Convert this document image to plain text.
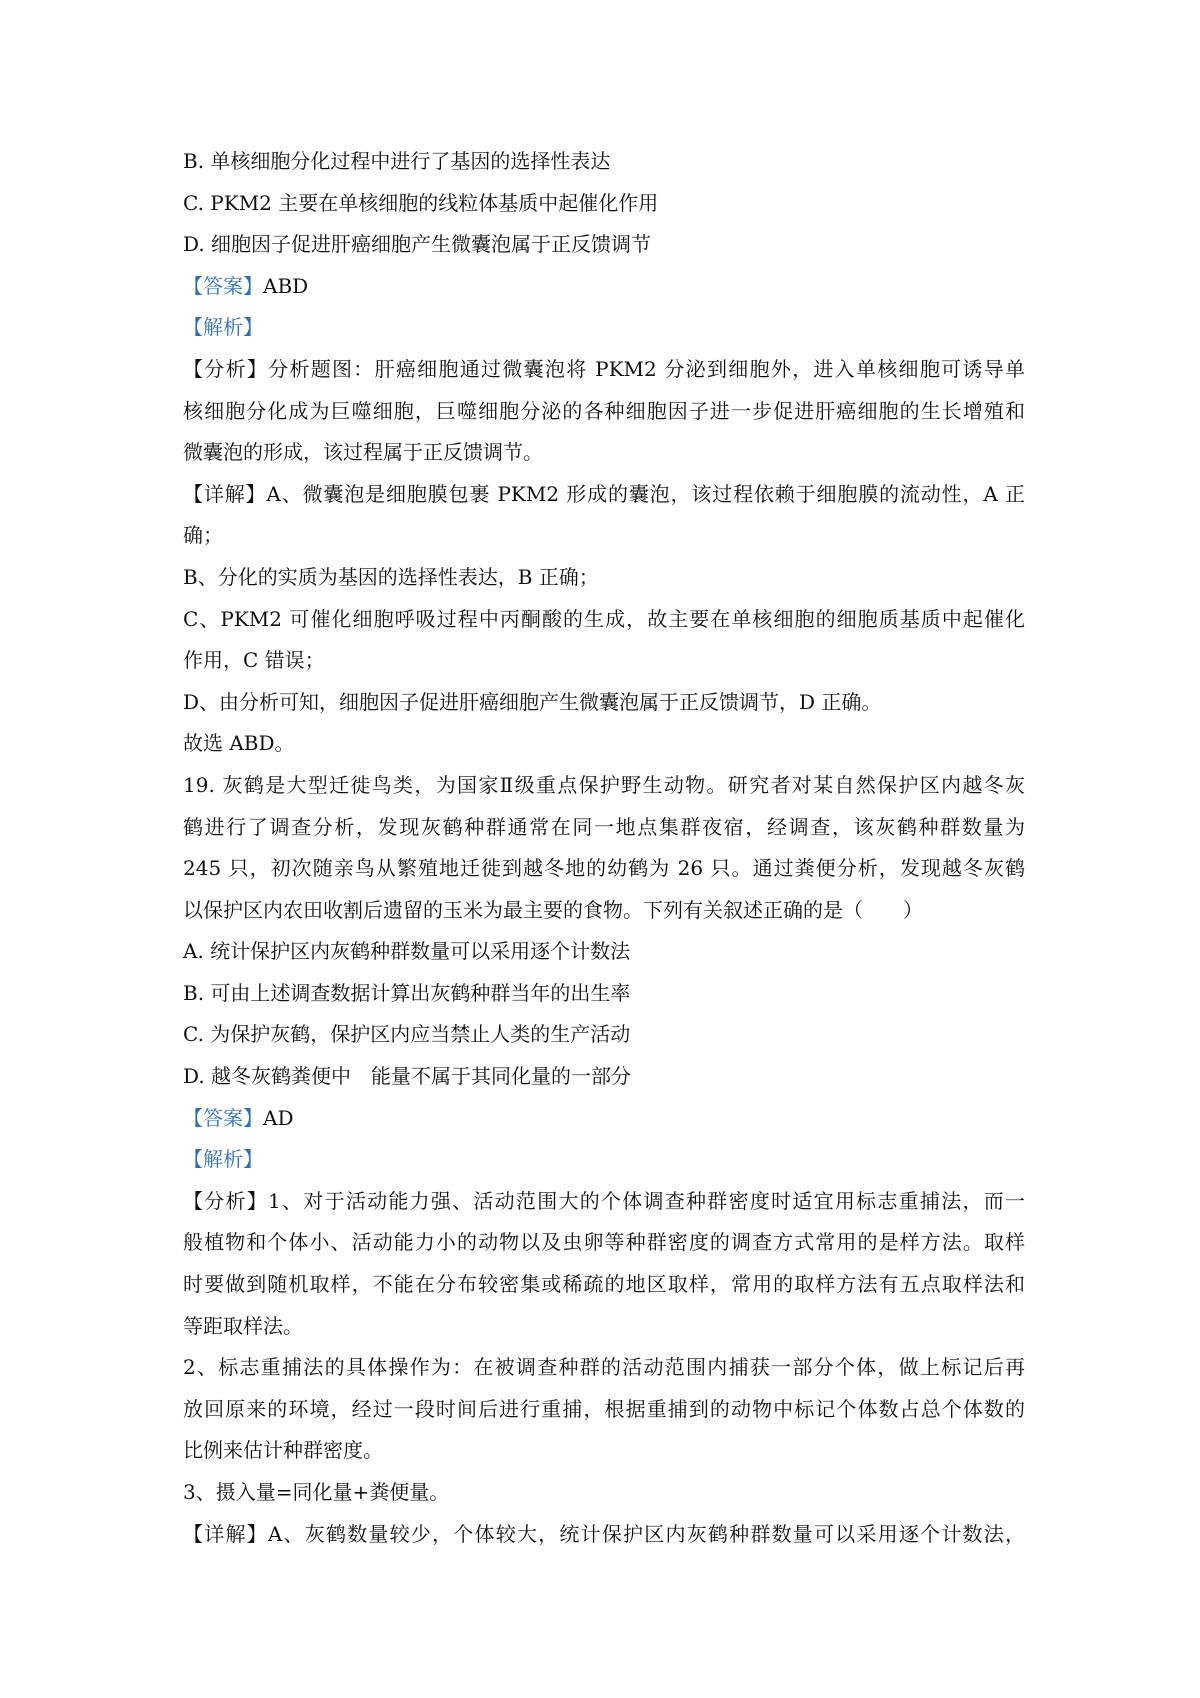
B. 单核细胞分化过程中进行了基因的选择性表达
C. PKM2 主要在单核细胞的线粒体基质中起催化作用
D. 细胞因子促进肝癌细胞产生微囊泡属于正反馈调节
【答案】ABD
【解析】
【分析】分析题图：肝癌细胞通过微囊泡将 PKM2 分泌到细胞外，进入单核细胞可诱导单
核细胞分化成为巨噬细胞，巨噬细胞分泌的各种细胞因子进一步促进肝癌细胞的生长增殖和
微囊泡的形成，该过程属于正反馈调节。
【详解】A、微囊泡是细胞膜包裹 PKM2 形成的囊泡，该过程依赖于细胞膜的流动性，A 正
确；
B、分化的实质为基因的选择性表达，B 正确；
C、PKM2 可催化细胞呼吸过程中丙酮酸的生成，故主要在单核细胞的细胞质基质中起催化
作用，C 错误；
D、由分析可知，细胞因子促进肝癌细胞产生微囊泡属于正反馈调节，D 正确。
故选 ABD。
19. 灰鹤是大型迁徙鸟类，为国家Ⅱ级重点保护野生动物。研究者对某自然保护区内越冬灰
鹤进行了调查分析，发现灰鹤种群通常在同一地点集群夜宿，经调查，该灰鹤种群数量为
245 只，初次随亲鸟从繁殖地迁徙到越冬地的幼鹤为 26 只。通过粪便分析，发现越冬灰鹤
以保护区内农田收割后遗留的玉米为最主要的食物。下列有关叙述正确的是（　　）
A. 统计保护区内灰鹤种群数量可以采用逐个计数法
B. 可由上述调查数据计算出灰鹤种群当年的出生率
C. 为保护灰鹤，保护区内应当禁止人类的生产活动
D. 越冬灰鹤粪便中　能量不属于其同化量的一部分
【答案】AD
【解析】
【分析】1、对于活动能力强、活动范围大的个体调查种群密度时适宜用标志重捕法，而一
般植物和个体小、活动能力小的动物以及虫卵等种群密度的调查方式常用的是样方法。取样
时要做到随机取样，不能在分布较密集或稀疏的地区取样，常用的取样方法有五点取样法和
等距取样法。
2、标志重捕法的具体操作为：在被调查种群的活动范围内捕获一部分个体，做上标记后再
放回原来的环境，经过一段时间后进行重捕，根据重捕到的动物中标记个体数占总个体数的
比例来估计种群密度。
3、摄入量=同化量+粪便量。
【详解】A、灰鹤数量较少，个体较大，统计保护区内灰鹤种群数量可以采用逐个计数法，
